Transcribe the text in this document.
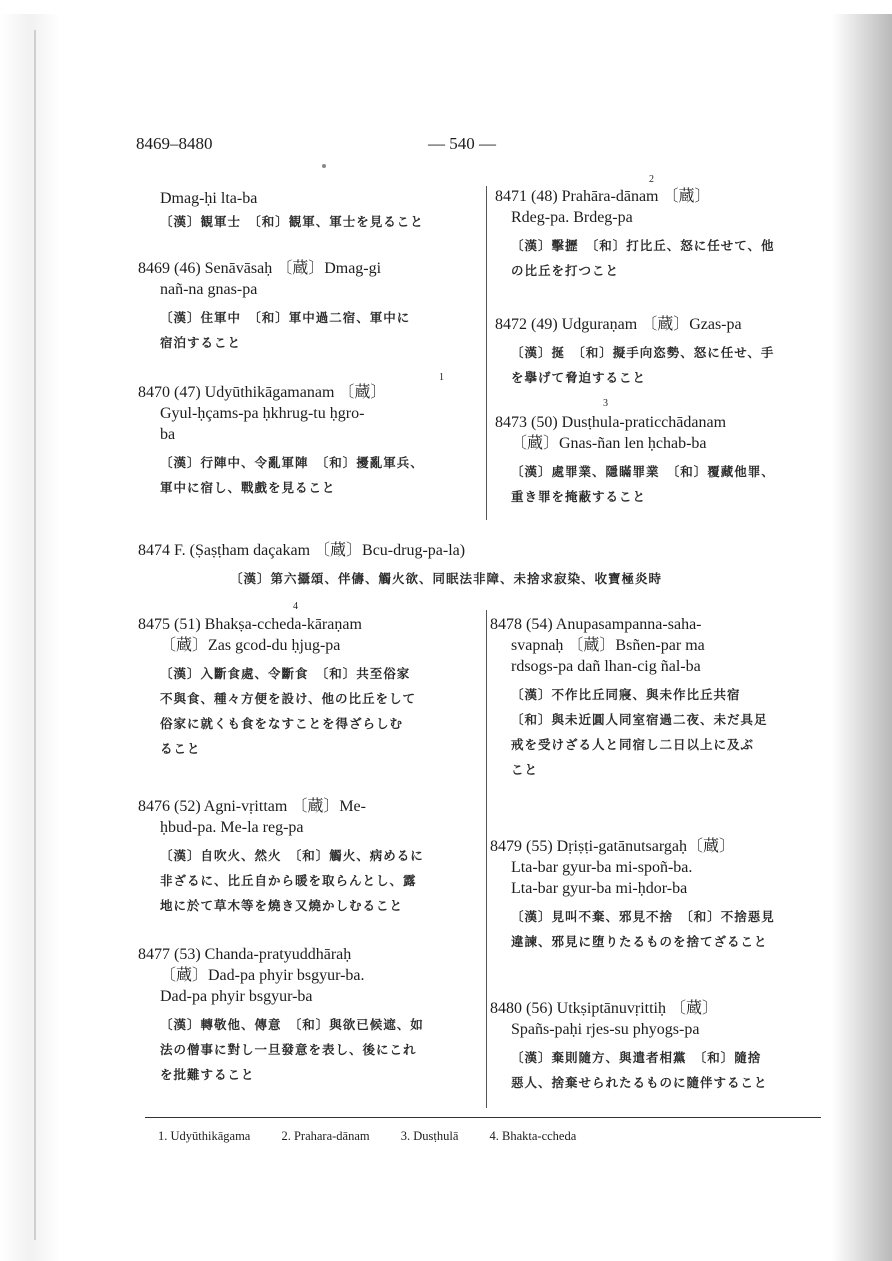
8469–8480	— 540 —
Dmag-ḥi lta-ba
〔漢〕観軍士　〔和〕観軍、軍士を見ること
8469 (46) Senāvāsaḥ 〔蔵〕Dmag-gi
nañ-na gnas-pa
〔漢〕住軍中　〔和〕軍中過二宿、軍中に
宿泊すること
8470 (47) Udyūthikāgamanam 〔蔵〕
Gyul-ḥçams-pa ḥkhrug-tu ḥgro-
ba
〔漢〕行陣中、令亂軍陣　〔和〕擾亂軍兵、
軍中に宿し、戰戲を見ること
1
8471 (48) Prahāra-dānam 〔蔵〕
Rdeg-pa. Brdeg-pa
〔漢〕擊攊　〔和〕打比丘、怒に任せて、他
の比丘を打つこと
2
8472 (49) Udguraṇam 〔蔵〕Gzas-pa
〔漢〕挻　〔和〕擬手向恣勢、怒に任せ、手
を擧げて脅迫すること
8473 (50) Dusṭhula-praticchādanam
〔蔵〕Gnas-ñan len ḥchab-ba
〔漢〕處罪業、隱瞞罪業　〔和〕覆藏他罪、
重き罪を掩蔽すること
3
8474 F. (Ṣaṣṭham daçakam 〔蔵〕Bcu-drug-pa-la)
〔漢〕第六攝頌、伴儔、觸火欲、同眠法非障、未捨求寂染、收寶極炎時
8475 (51) Bhakṣa-ccheda-kāraṇam
〔蔵〕Zas gcod-du ḥjug-pa
〔漢〕入斷食處、令斷食　〔和〕共至俗家
不與食、種々方便を設け、他の比丘をして
俗家に就くも食をなすことを得ざらしむ
ること
4
8476 (52) Agni-vṛittam 〔蔵〕Me-
ḥbud-pa. Me-la reg-pa
〔漢〕自吹火、然火　〔和〕觸火、病めるに
非ざるに、比丘自から暖を取らんとし、露
地に於て草木等を燒き又燒かしむること
8477 (53) Chanda-pratyuddhāraḥ
〔蔵〕Dad-pa phyir bsgyur-ba.
Dad-pa phyir bsgyur-ba
〔漢〕轉敬他、傳意　〔和〕與欲已候遮、如
法の僧事に對し一旦發意を表し、後にこれ
を批難すること
8478 (54) Anupasampanna-saha-
svapnaḥ 〔蔵〕Bsñen-par ma
rdsogs-pa dañ lhan-cig ñal-ba
〔漢〕不作比丘同寢、與未作比丘共宿
〔和〕與未近圓人同室宿過二夜、未だ具足
戒を受けざる人と同宿し二日以上に及ぶ
こと
8479 (55) Dṛiṣṭi-gatānutsargaḥ〔蔵〕
Lta-bar gyur-ba mi-spoñ-ba.
Lta-bar gyur-ba mi-ḥdor-ba
〔漢〕見叫不棄、邪見不捨　〔和〕不捨惡見
違諫、邪見に堕りたるものを捨てざること
8480 (56) Utkṣiptānuvṛittiḥ 〔蔵〕
Spañs-paḥi rjes-su phyogs-pa
〔漢〕棄則隨方、與遣者相黨　〔和〕隨捨
惡人、捨棄せられたるものに隨伴すること
1. Udyūthikāgama 2. Prahara-dānam 3. Dusṭhulā 4. Bhakta-ccheda
